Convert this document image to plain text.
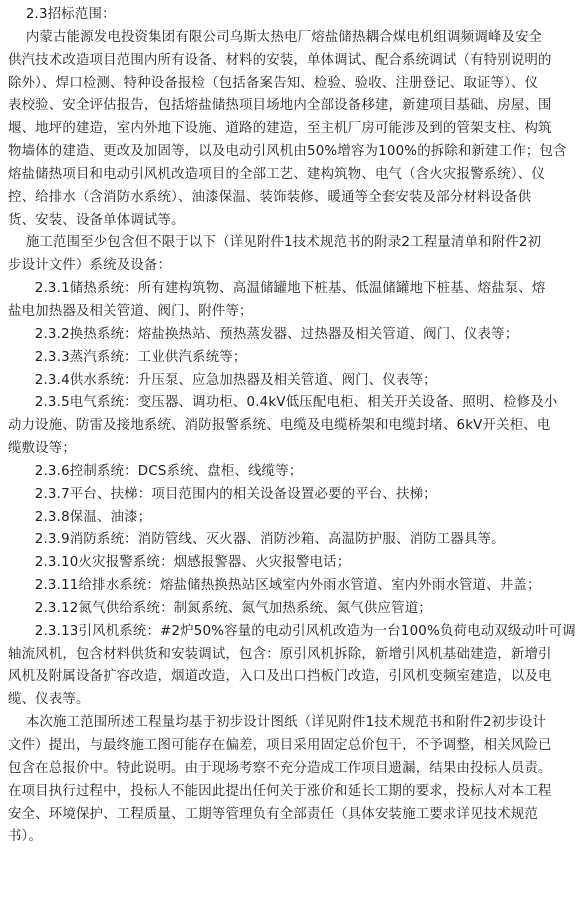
2.3招标范围：
内蒙古能源发电投资集团有限公司乌斯太热电厂熔盐储热耦合煤电机组调频调峰及安全
供汽技术改造项目范围内所有设备、材料的安装，单体调试、配合系统调试（有特别说明的
除外）、焊口检测、特种设备报检（包括备案告知、检验、验收、注册登记、取证等）、仪
表校验、安全评估报告，包括熔盐储热项目场地内全部设备移建，新建项目基础、房屋、围
堰、地坪的建造，室内外地下设施、道路的建造，至主机厂房可能涉及到的管架支柱、构筑
物墙体的建造、更改及加固等，以及电动引风机由50%增容为100%的拆除和新建工作；包含
熔盐储热项目和电动引风机改造项目的全部工艺、建构筑物、电气（含火灾报警系统）、仪
控、给排水（含消防水系统）、油漆保温、装饰装修、暖通等全套安装及部分材料设备供
货、安装、设备单体调试等。
施工范围至少包含但不限于以下（详见附件1技术规范书的附录2工程量清单和附件2初
步设计文件）系统及设备：
2.3.1储热系统：所有建构筑物、高温储罐地下桩基、低温储罐地下桩基、熔盐泵、熔
盐电加热器及相关管道、阀门、附件等；
2.3.2换热系统：熔盐换热站、预热蒸发器、过热器及相关管道、阀门、仪表等；
2.3.3蒸汽系统：工业供汽系统等；
2.3.4供水系统：升压泵、应急加热器及相关管道、阀门、仪表等；
2.3.5电气系统：变压器、调功柜、0.4kV低压配电柜、相关开关设备、照明、检修及小
动力设施、防雷及接地系统、消防报警系统、电缆及电缆桥架和电缆封堵、6kV开关柜、电
缆敷设等；
2.3.6控制系统：DCS系统、盘柜、线缆等；
2.3.7平台、扶梯：项目范围内的相关设备设置必要的平台、扶梯；
2.3.8保温、油漆；
2.3.9消防系统：消防管线、灭火器、消防沙箱、高温防护服、消防工器具等。
2.3.10火灾报警系统：烟感报警器、火灾报警电话；
2.3.11给排水系统：熔盐储热换热站区域室内外雨水管道、室内外雨水管道、井盖；
2.3.12氮气供给系统：制氮系统、氮气加热系统、氮气供应管道；
2.3.13引风机系统：#2炉50%容量的电动引风机改造为一台100%负荷电动双级动叶可调
轴流风机，包含材料供货和安装调试，包含：原引风机拆除，新增引风机基础建造，新增引
风机及附属设备扩容改造，烟道改造，入口及出口挡板门改造，引风机变频室建造，以及电
缆、仪表等。
本次施工范围所述工程量均基于初步设计图纸（详见附件1技术规范书和附件2初步设计
文件）提出，与最终施工图可能存在偏差，项目采用固定总价包干，不予调整，相关风险已
包含在总报价中。特此说明。由于现场考察不充分造成工作项目遗漏，结果由投标人员责。
在项目执行过程中，投标人不能因此提出任何关于涨价和延长工期的要求，投标人对本工程
安全、环境保护、工程质量、工期等管理负有全部责任（具体安装施工要求详见技术规范
书）。
